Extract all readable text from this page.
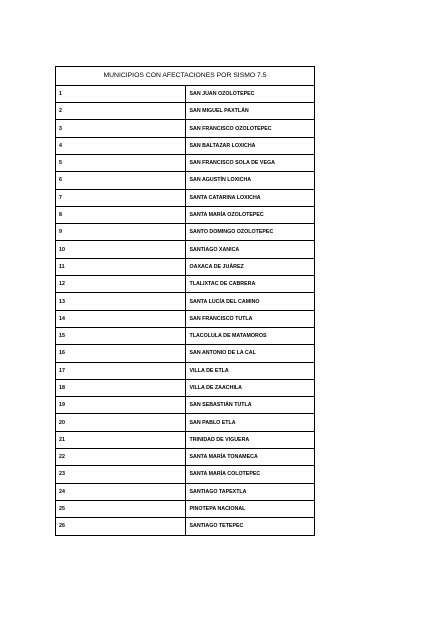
MUNICIPIOS CON AFECTACIONES POR SISMO 7.5	
1	SAN JUAN OZOLOTEPEC
2	SAN MIGUEL PAXTLÁN
3	SAN FRANCISCO OZOLOTEPEC
4	SAN BALTAZAR LOXICHA
5	SAN FRANCISCO SOLA DE VEGA
6	SAN AGUSTÍN LOXICHA
7	SANTA CATARINA LOXICHA
8	SANTA MARÍA OZOLOTEPEC
9	SANTO DOMINGO OZOLOTEPEC
10	SANTIAGO XANICA
11	OAXACA DE JUÁREZ
12	TLALIXTAC DE CABRERA
13	SANTA LUCÍA DEL CAMINO
14	SAN FRANCISCO TUTLA
15	TLACOLULA DE MATAMOROS
16	SAN ANTONIO DE LA CAL
17	VILLA DE ETLA
18	VILLA DE ZAACHILA
19	SAN SEBASTIÁN TUTLA
20	SAN PABLO ETLA
21	TRINIDAD DE VIGUERA
22	SANTA MARÍA TONAMECA
23	SANTA MARÍA COLOTEPEC
24	SANTIAGO TAPEXTLA
25	PINOTEPA NACIONAL
26	SANTIAGO TETEPEC
